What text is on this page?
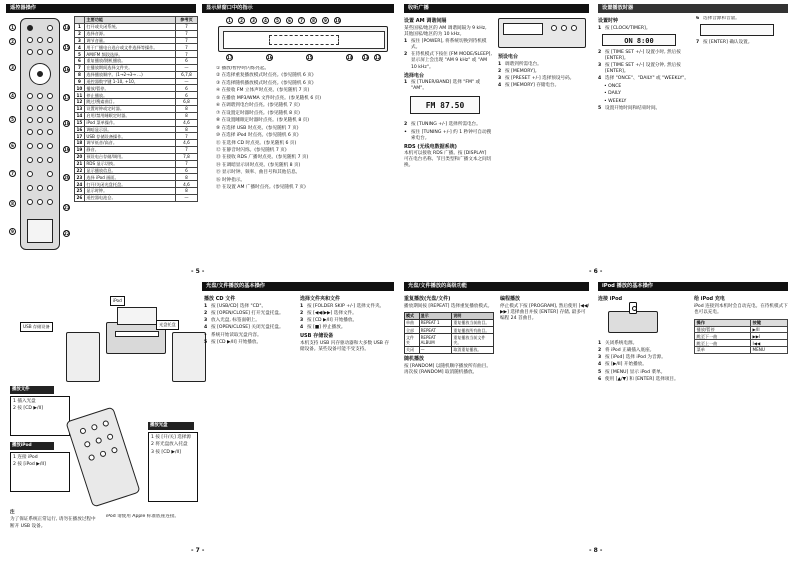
遥控器操作	显示屏窗口中的指示
1
2
3
4
5
6
7
8
9
14
15
16
17
18
19
20
21
22
	主要功能	参考页
1	打开或关闭系统。	7
2	选择音源。	7
3	调节音量。	7
4	用于广播电台选台或文件选择等操作。	7
5	AM/FM 频段选择。	7
6	重复播放/随机播放。	6
7	在播放期间选择文件夹。	—
8	选择播放顺序。(1→2→3→ ...)	6,7,8
9	遥控器数字键 1-10, +10。	—
10	播放/暂停。	6
11	停止播放。	6
12	跳过/搜索曲目。	6,8
13	设置时钟或定时器。	8
14	启用/禁用睡眠定时器。	8
15	iPod 菜单操作。	4,6
16	调暗显示屏。	8
17	USB 存储设备操作。	7
18	调节低音/高音。	4,6
19	静音。	7
20	预设电台存储/调用。	7,8
21	RDS 显示切换。	7
22	显示播放信息。	6
23	选择 iPod 画面。	8
24	打开/关闭光盘托盘。	4,6
25	显示时钟。	8
26	遥控器电池仓。	—
- 5 -
1	2	3	4	5	6	7	8	9	10
17	16	15	14	13 12

① 播放/暂停时闪烁亮起。

② 在选择重复播放模式时点亮。(参见随机 6 页)

③ 在选择随机播放模式时点亮。(参见随机 6 页)

④ 在接收 FM 立体声时点亮。(参见随机 7 页)

⑤ 在播放 MP3/WMA 文件时点亮。(参见随机 6 页)

⑥ 在调谐到电台时点亮。(参见随机 7 页)

⑦ 在设置定时器时点亮。(参见随机 8 页)

⑧ 在设置睡眠定时器时点亮。(参见随机 8 页)

⑨ 在选择 USB 时点亮。(参见随机 7 页)

⑩ 在选择 iPod 时点亮。(参见随机 6 页)

⑪ 在选择 CD 时点亮。(参见随机 6 页)

⑫ 在静音时闪烁。(参见随机 7 页)

⑬ 在接收 RDS 广播时点亮。(参见随机 7 页)

⑭ 在调暗显示屏时点亮。(参见随机 8 页)

⑮ 显示时钟、频率、曲目号和其他信息。

⑯ 时钟指示。

⑰ 在设置 AM 广播时点亮。(参见随机 7 页)

收听广播	设置播放时器

设置 AM 调谐间隔

某些国家/地区的 AM 调谐间隔为 9 kHz, 其他国家/地区的为 10 kHz。

1 按住 [POWER], 将系统切换到待机模式。
2 在待机模式下按住 [FM MODE/SLEEP], 显示屏上会出现 "AM 9 kHz" 或 "AM 10 kHz"。

选择电台

1 按 [TUNER/BAND] 选择 "FM" 或 "AM"。
FM 87.50
2 按 [TUNING +/-] 选择所需电台。
• 按住 [TUNING +/-] 约 1 秒钟可自动搜索电台。

RDS (无线电数据系统)

本机可以接收 RDS 广播。按 [DISPLAY] 可在电台名称、节目类型和广播文本之间切换。

预设电台

1 调谐到所需电台。
2 按 [MEMORY]。
3 按 [PRESET +/-] 选择预设号码。
4 按 [MEMORY] 存储电台。

设置时钟

1 按 [CLOCK/TIMER]。
ON 8:00
2 按 [TIME SET +/-] 设置小时, 然后按 [ENTER]。
3 按 [TIME SET +/-] 设置分钟, 然后按 [ENTER]。
4 选择 "ONCE"、"DAILY" 或 "WEEKLY"。

• ONCE

• DAILY

• WEEKLY

5 设置开始时间和结束时间。
6 选择音源和音量。
7 按 [ENTER] 确认设置。
- 6 -
光盘/文件播放的基本操作
USB 存储设备
iPod
光盘托盘
播放文件

1 插入光盘

2 按 [CD ▶/II]

播放iPod

1 连接 iPod

2 按 [iPod ▶/II]

播放光盘

1 按 [开/关] 选择源

2 将光盘放入托盘

3 按 [CD ▶/II]

注

为了保证系统正常运行, 请勿在播放过程中断开 USB 设备。

iPod 请使用 Apple 标准底座连接。

播放 CD 文件

1 按 [USB/CD] 选择 "CD"。
2 按 [OPEN/CLOSE] 打开光盘托盘。
3 放入光盘, 标签面朝上。
4 按 [OPEN/CLOSE] 关闭光盘托盘。
• 系统开始读取光盘内容。
5 按 [CD ▶/II] 开始播放。

选择文件夹和文件

1 按 [FOLDER SKIP +/-] 选择文件夹。
2 按 [◀◀/▶▶] 选择文件。
3 按 [CD ▶/II] 开始播放。
4 按 [■] 停止播放。

USB 存储设备

本机支持 USB 闪存驱动器和大多数 USB 存储设备。某些设备可能不受支持。

- 7 -
光盘/文件播放的高级功能	iPod 播放的基本操作

重复播放(光盘/文件)

播放期间按 [REPEAT] 选择重复播放模式。

模式	显示	说明
单曲	REPEAT 1	重复播放当前曲目。
全部	REPEAT	重复播放所有曲目。
文件夹	REPEAT ALBUM	重复播放当前文件夹。
关闭	—	取消重复播放。

随机播放

按 [RANDOM] 以随机顺序播放所有曲目。再次按 [RANDOM] 取消随机播放。

编程播放

停止模式下按 [PROGRAM], 然后使用 [◀◀/▶▶] 选择曲目并按 [ENTER] 存储, 最多可编程 24 首曲目。

连接 iPod

1 关闭系统电源。
2 将 iPod 正确插入底座。
3 按 [iPod] 选择 iPod 为音源。
4 按 [▶/II] 开始播放。
5 按 [MENU] 显示 iPod 菜单。
6 使用 [▲/▼] 和 [ENTER] 选择项目。

给 iPod 充电

iPod 连接到本机时会自动充电。在待机模式下也可以充电。

操作	按键
播放/暂停	▶/II
跳至下一曲	▶▶I
跳至上一曲	I◀◀
菜单	MENU
- 8 -
